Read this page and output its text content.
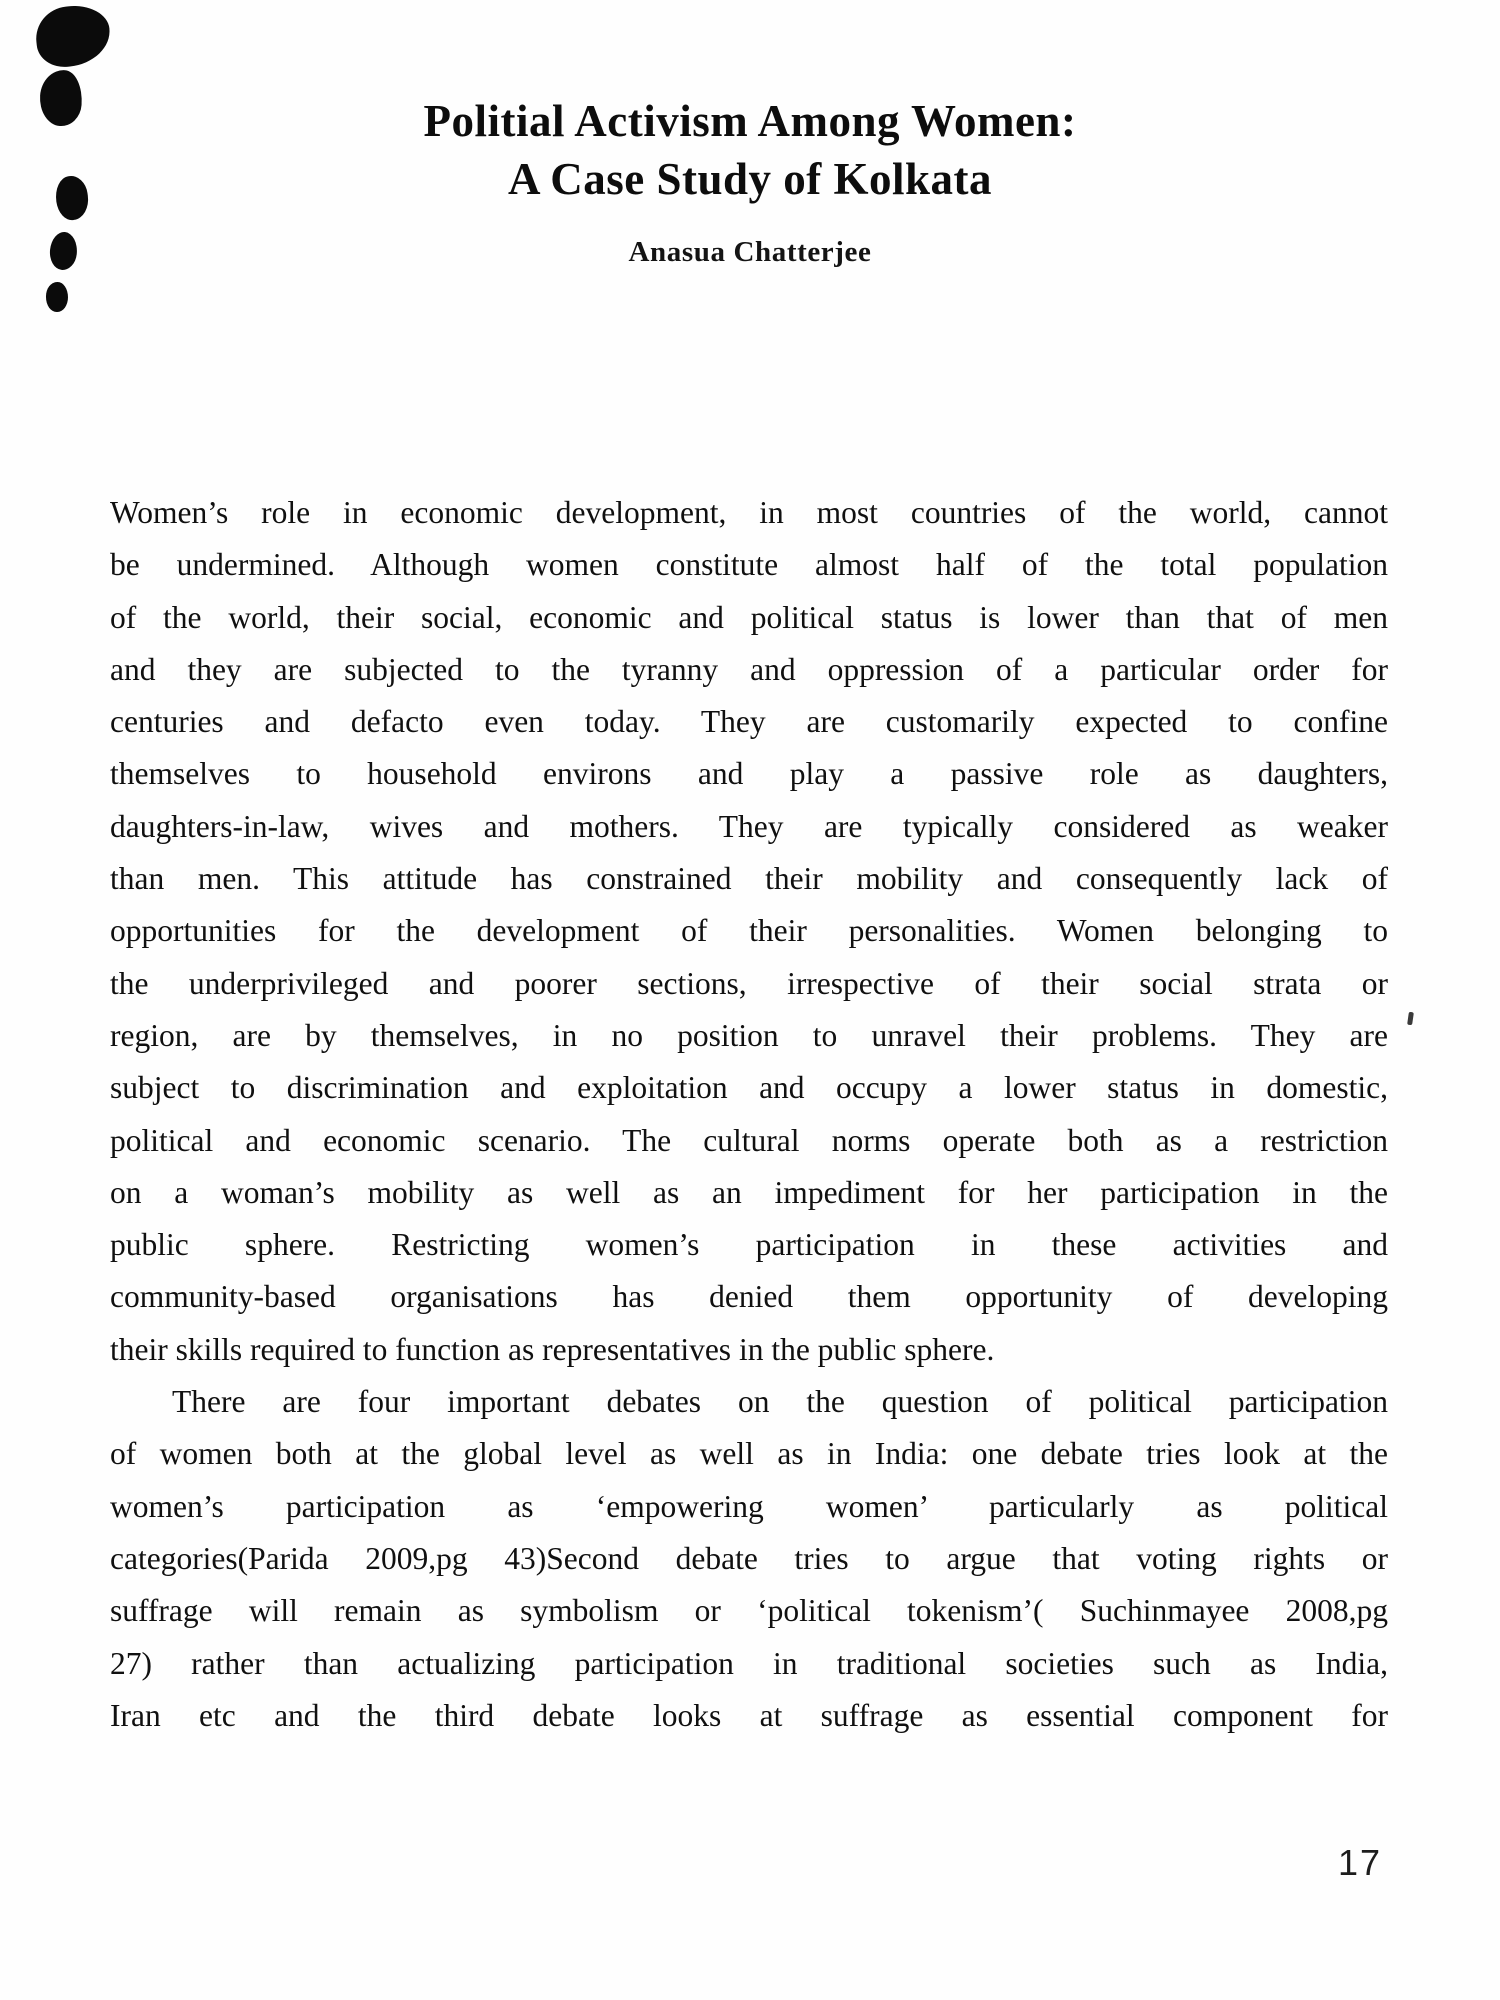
Politial Activism Among Women:
A Case Study of Kolkata
Anasua Chatterjee
Women’s role in economic development, in most countries of the world, cannot
be undermined. Although women constitute almost half of the total population
of the world, their social, economic and political status is lower than that of men
and they are subjected to the tyranny and oppression of a particular order for
centuries and defacto even today. They are customarily expected to confine
themselves to household environs and play a passive role as daughters,
daughters-in-law, wives and mothers. They are typically considered as weaker
than men. This attitude has constrained their mobility and consequently lack of
opportunities for the development of their personalities. Women belonging to
the underprivileged and poorer sections, irrespective of their social strata or
region, are by themselves, in no position to unravel their problems. They are
subject to discrimination and exploitation and occupy a lower status in domestic,
political and economic scenario. The cultural norms operate both as a restriction
on a woman’s mobility as well as an impediment for her participation in the
public sphere. Restricting women’s participation in these activities and
community-based organisations has denied them opportunity of developing
their skills required to function as representatives in the public sphere.
There are four important debates on the question of political participation
of women both at the global level as well as in India: one debate tries look at the
women’s participation as ‘empowering women’ particularly as political
categories(Parida 2009,pg 43)Second debate tries to argue that voting rights or
suffrage will remain as symbolism or ‘political tokenism’( Suchinmayee 2008,pg
27) rather than actualizing participation in traditional societies such as India,
Iran etc and the third debate looks at suffrage as essential component for
17
